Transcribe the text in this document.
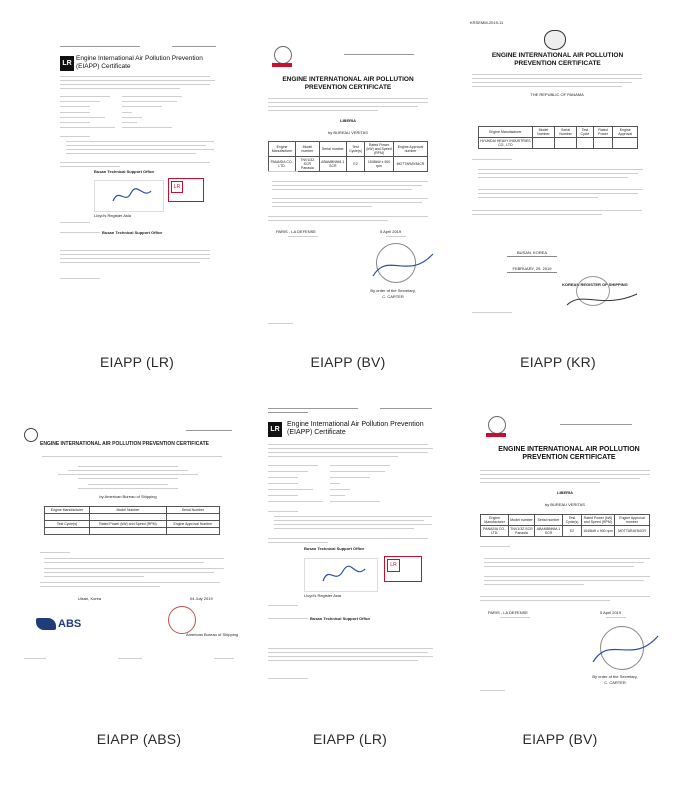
LR
Engine International Air Pollution Prevention (EIAPP) Certificate
Busan Technical Support Office
LR
Lloyd's Register Asia
Busan Technical Support Office
EIAPP (LR)
ENGINE INTERNATIONAL AIR POLLUTION PREVENTION CERTIFICATE
LIBERIA
by BUREAU VERITAS
Engine Manufacturer	Model number	Serial number	Test Cycle(s)	Rated Power (kW) and Speed (RPM)	Engine Approval number
PANASIA CO., LTD.	TNV1/3Z SCR Panasia	ABAMBNNM-1 SCR	E2	1545kW x 900 rpm	MOTTARAY84CR
PARIS - LA DEFENSE	5 April 2019
By order of the Secretary,
C. CARTER
EIAPP (BV)
KRSEMM-2019-11
ENGINE INTERNATIONAL AIR POLLUTION PREVENTION CERTIFICATE
THE REPUBLIC OF PANAMA
Engine Manufacturer	Model Number	Serial Number	Test Cycle	Rated Power	Engine Approval
HYUNDAI HEAVY INDUSTRIES CO., LTD					
BUSAN, KOREA
FEBRUARY, 25. 2019
KOREAN REGISTER OF SHIPPING
EIAPP (KR)
ENGINE INTERNATIONAL AIR POLLUTION PREVENTION CERTIFICATE
by American Bureau of Shipping
Engine Manufacturer	Model Number	Serial Number

Test Cycle(s)	Rated Power (kW) and Speed (RPM)	Engine Approval Number

Ulsan, Korea	04 July 2019
ABS
American Bureau of Shipping
EIAPP (ABS)
LR
Engine International Air Pollution Prevention (EIAPP) Certificate
Busan Technical Support Office
LR
Lloyd's Register Asia
Busan Technical Support Office
EIAPP (LR)
ENGINE INTERNATIONAL AIR POLLUTION PREVENTION CERTIFICATE
LIBERIA
by BUREAU VERITAS
Engine Manufacturer	Model number	Serial number	Test Cycle(s)	Rated Power (kW) and Speed (RPM)	Engine Approval number
PANASIA CO., LTD.	TNV1/3Z SCR Panasia	ABAMBNNM-1 SCR	E2	1545kW x 900 rpm	MOTTARAY84CR
PARIS - LA DEFENSE	5 April 2019
By order of the Secretary,
C. CARTER
EIAPP (BV)
